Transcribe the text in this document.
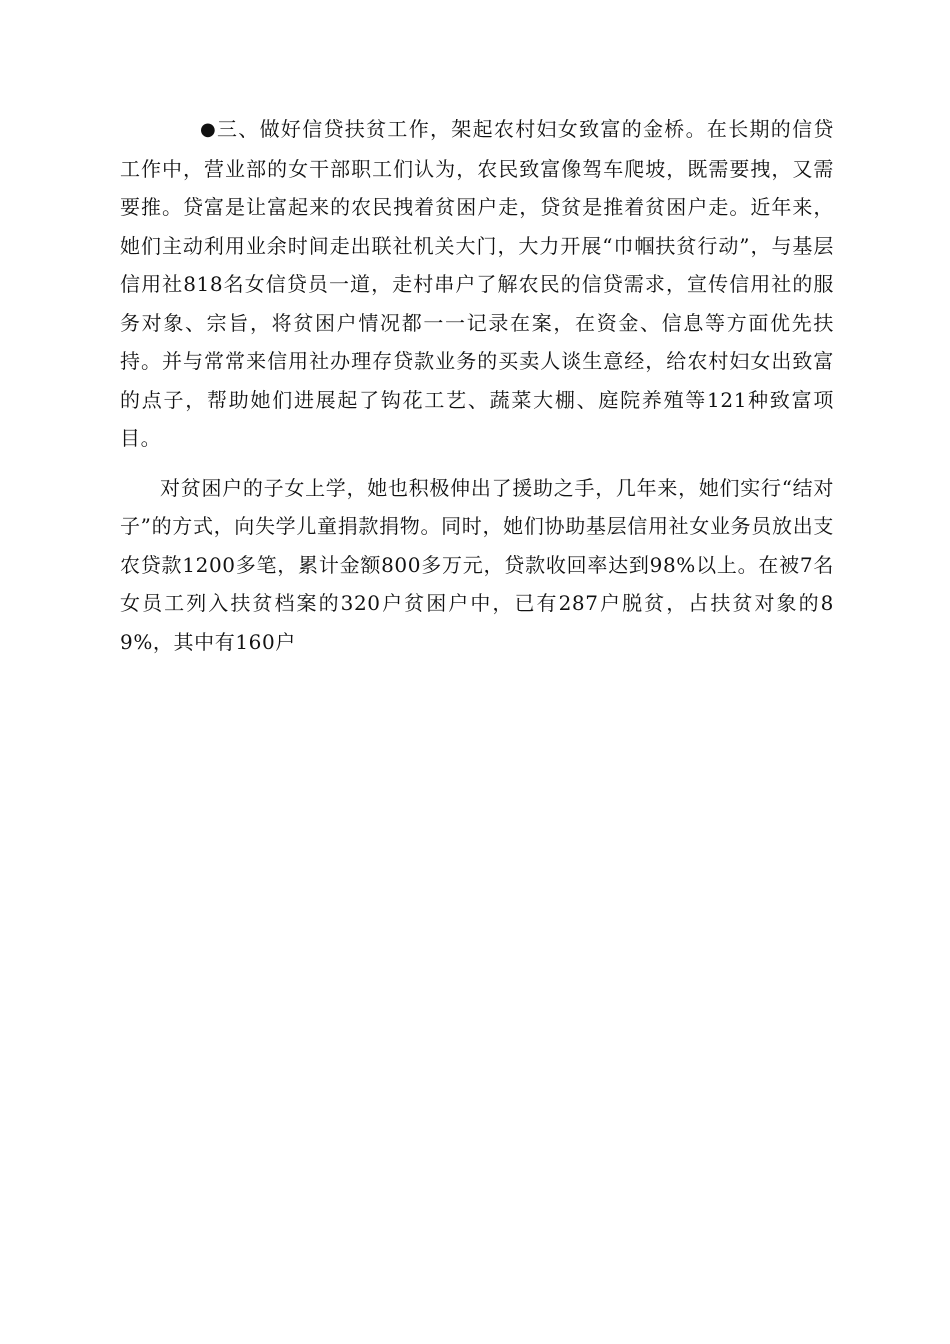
●三、做好信贷扶贫工作，架起农村妇女致富的金桥。在长期的信贷工作中，营业部的女干部职工们认为，农民致富像驾车爬坡，既需要拽，又需要推。贷富是让富起来的农民拽着贫困户走，贷贫是推着贫困户走。近年来，她们主动利用业余时间走出联社机关大门，大力开展“巾帼扶贫行动”，与基层信用社818名女信贷员一道，走村串户了解农民的信贷需求，宣传信用社的服务对象、宗旨，将贫困户情况都一一记录在案，在资金、信息等方面优先扶持。并与常常来信用社办理存贷款业务的买卖人谈生意经，给农村妇女出致富的点子，帮助她们进展起了钩花工艺、蔬菜大棚、庭院养殖等121种致富项目。

对贫困户的子女上学，她也积极伸出了援助之手，几年来，她们实行“结对子”的方式，向失学儿童捐款捐物。同时，她们协助基层信用社女业务员放出支农贷款1200多笔，累计金额800多万元，贷款收回率达到98%以上。在被7名女员工列入扶贫档案的320户贫困户中，已有287户脱贫，占扶贫对象的89%，其中有160户
